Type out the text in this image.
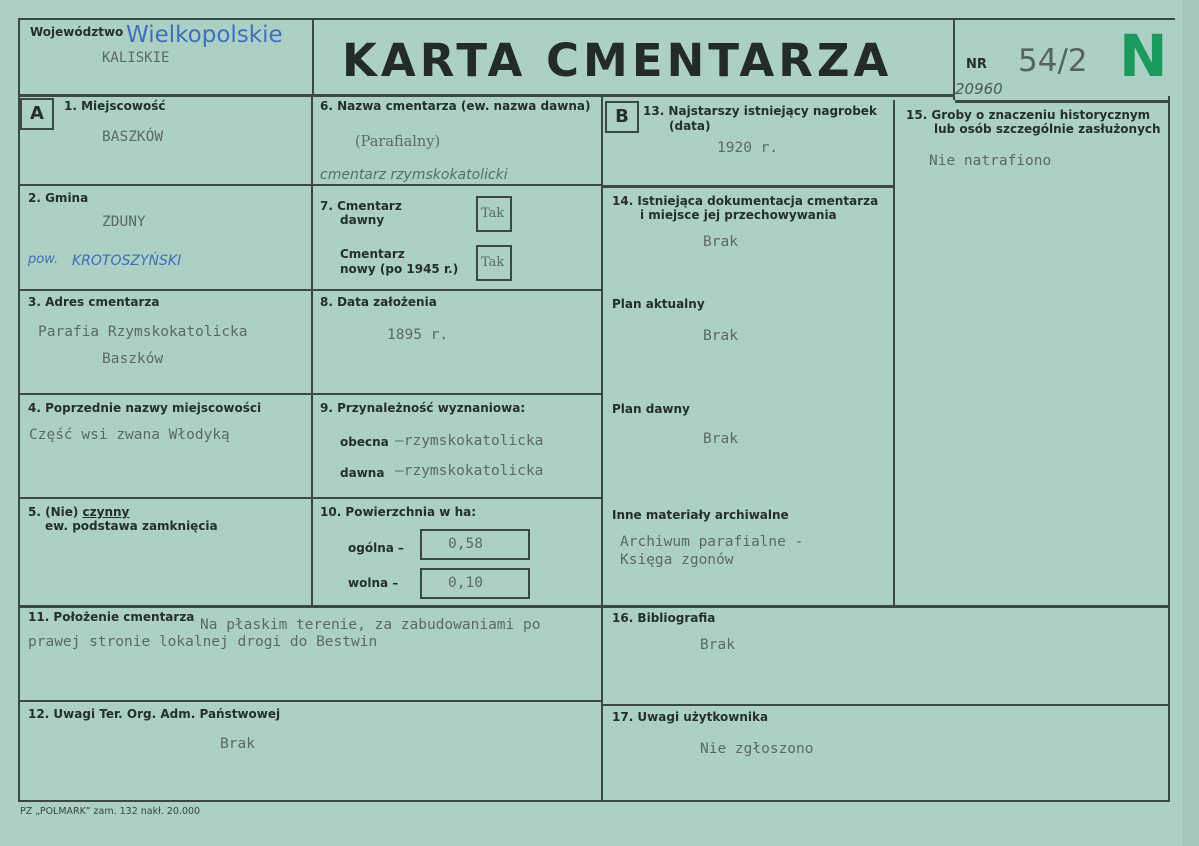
Województwo Wielkopolskie
KALISKIE	KARTA CMENTARZA	NR 54/2 N
20960
A	1. Miejscowość
BASZKÓW
2. Gmina
ZDUNY
pow. KROTOSZYŃSKI
3. Adres cmentarza
Parafia Rzymskokatolicka
Baszków
4. Poprzednie nazwy miejscowości
Część wsi zwana Włodyką
5. (Nie) czynny
ew. podstawa zamknięcia
6. Nazwa cmentarza (ew. nazwa dawna)
(Parafialny)
cmentarz rzymskokatolicki
7. Cmentarz
dawny	Tak
Cmentarz
nowy (po 1945 r.) Tak
8. Data założenia
1895 r.
9. Przynależność wyznaniowa:
obecna –rzymskokatolicka
dawna –rzymskokatolicka
10. Powierzchnia w ha:
ogólna –	0,58
wolna –	0,10
11. Położenie cmentarza Na płaskim terenie, za zabudowaniami po
prawej stronie lokalnej drogi do Bestwin
12. Uwagi Ter. Org. Adm. Państwowej
Brak
B	13. Najstarszy istniejący nagrobek
(data)
1920 r.
14. Istniejąca dokumentacja cmentarza
i miejsce jej przechowywania
Brak
Plan aktualny
Brak
Plan dawny
Brak
Inne materiały archiwalne
Archiwum parafialne -
Księga zgonów
15. Groby o znaczeniu historycznym
lub osób szczególnie zasłużonych
Nie natrafiono
16. Bibliografia
Brak
17. Uwagi użytkownika
Nie zgłoszono
PZ „POLMARK” zam. 132 nakł. 20.000
